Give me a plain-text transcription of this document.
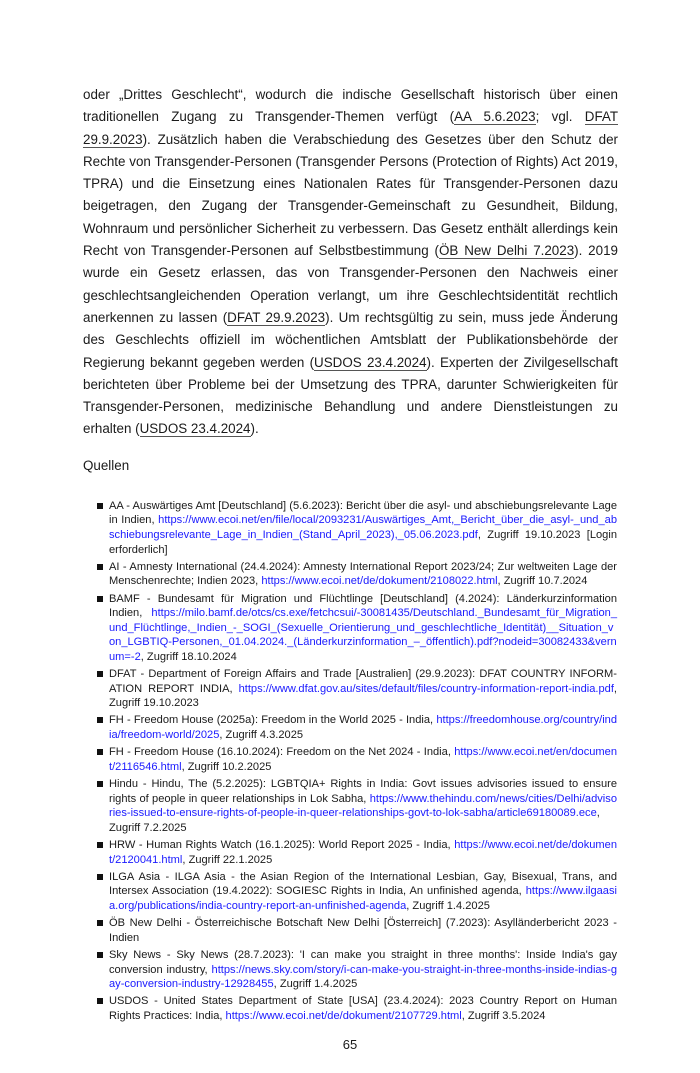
oder „Drittes Geschlecht“, wodurch die indische Gesellschaft historisch über einen traditionellen Zugang zu Transgender-Themen verfügt (AA 5.6.2023; vgl. DFAT 29.9.2023). Zusätzlich haben die Verabschiedung des Gesetzes über den Schutz der Rechte von Transgender-Personen (Transgender Persons (Protection of Rights) Act 2019, TPRA) und die Einsetzung eines Nationalen Rates für Transgender-Personen dazu beigetragen, den Zugang der Transgender-Gemeinschaft zu Gesundheit, Bildung, Wohnraum und persönlicher Sicherheit zu verbessern. Das Gesetz enthält allerdings kein Recht von Transgender-Personen auf Selbstbestimmung (ÖB New Delhi 7.2023). 2019 wurde ein Gesetz erlassen, das von Transgender-Personen den Nachweis einer geschlechtsangleichenden Operation verlangt, um ihre Geschlechtsidentität rechtlich anerkennen zu lassen (DFAT 29.9.2023). Um rechtsgültig zu sein, muss jede Änderung des Geschlechts offiziell im wöchentlichen Amtsblatt der Publikationsbehörde der Regierung bekannt gegeben werden (USDOS 23.4.2024). Experten der Zivilgesellschaft berichteten über Probleme bei der Umsetzung des TPRA, darunter Schwierigkeiten für Transgender-Personen, medizinische Behandlung und andere Dienstleistungen zu erhalten (USDOS 23.4.2024).
Quellen
AA - Auswärtiges Amt [Deutschland] (5.6.2023): Bericht über die asyl- und abschiebungsrelevante Lage in Indien, https://www.ecoi.net/en/file/local/2093231/Auswärtiges_Amt,_Bericht_über_die_asyl-_und_abschiebungsrelevante_Lage_in_Indien_(Stand_April_2023),_05.06.2023.pdf, Zugriff 19.10.2023 [Login erforderlich]
AI - Amnesty International (24.4.2024): Amnesty International Report 2023/24; Zur weltweiten Lage der Menschenrechte; Indien 2023, https://www.ecoi.net/de/dokument/2108022.html, Zugriff 10.7.2024
BAMF - Bundesamt für Migration und Flüchtlinge [Deutschland] (4.2024): Länderkurzinformation Indien, https://milo.bamf.de/otcs/cs.exe/fetchcsui/-30081435/Deutschland._Bundesamt_für_Migration_und_Flüchtlinge,_Indien_-_SOGI_(Sexuelle_Orientierung_und_geschlechtliche_Identität)__Situation_von_LGBTIQ-Personen,_01.04.2024._(Länderkurzinformation_–_öffentlich).pdf?nodeid=30082433&vernum=-2, Zugriff 18.10.2024
DFAT - Department of Foreign Affairs and Trade [Australien] (29.9.2023): DFAT COUNTRY INFORMATION REPORT INDIA, https://www.dfat.gov.au/sites/default/files/country-information-report-india.pdf, Zugriff 19.10.2023
FH - Freedom House (2025a): Freedom in the World 2025 - India, https://freedomhouse.org/country/india/freedom-world/2025, Zugriff 4.3.2025
FH - Freedom House (16.10.2024): Freedom on the Net 2024 - India, https://www.ecoi.net/en/document/2116546.html, Zugriff 10.2.2025
Hindu - Hindu, The (5.2.2025): LGBTQIA+ Rights in India: Govt issues advisories issued to ensure rights of people in queer relationships in Lok Sabha, https://www.thehindu.com/news/cities/Delhi/advisories-issued-to-ensure-rights-of-people-in-queer-relationships-govt-to-lok-sabha/article69180089.ece, Zugriff 7.2.2025
HRW - Human Rights Watch (16.1.2025): World Report 2025 - India, https://www.ecoi.net/de/dokument/2120041.html, Zugriff 22.1.2025
ILGA Asia - ILGA Asia - the Asian Region of the International Lesbian, Gay, Bisexual, Trans, and Intersex Association (19.4.2022): SOGIESC Rights in India, An unfinished agenda, https://www.ilgaasia.org/publications/india-country-report-an-unfinished-agenda, Zugriff 1.4.2025
ÖB New Delhi - Österreichische Botschaft New Delhi [Österreich] (7.2023): Asylländerbericht 2023 - Indien
Sky News - Sky News (28.7.2023): 'I can make you straight in three months': Inside India's gay conversion industry, https://news.sky.com/story/i-can-make-you-straight-in-three-months-inside-indias-gay-conversion-industry-12928455, Zugriff 1.4.2025
USDOS - United States Department of State [USA] (23.4.2024): 2023 Country Report on Human Rights Practices: India, https://www.ecoi.net/de/dokument/2107729.html, Zugriff 3.5.2024
65
